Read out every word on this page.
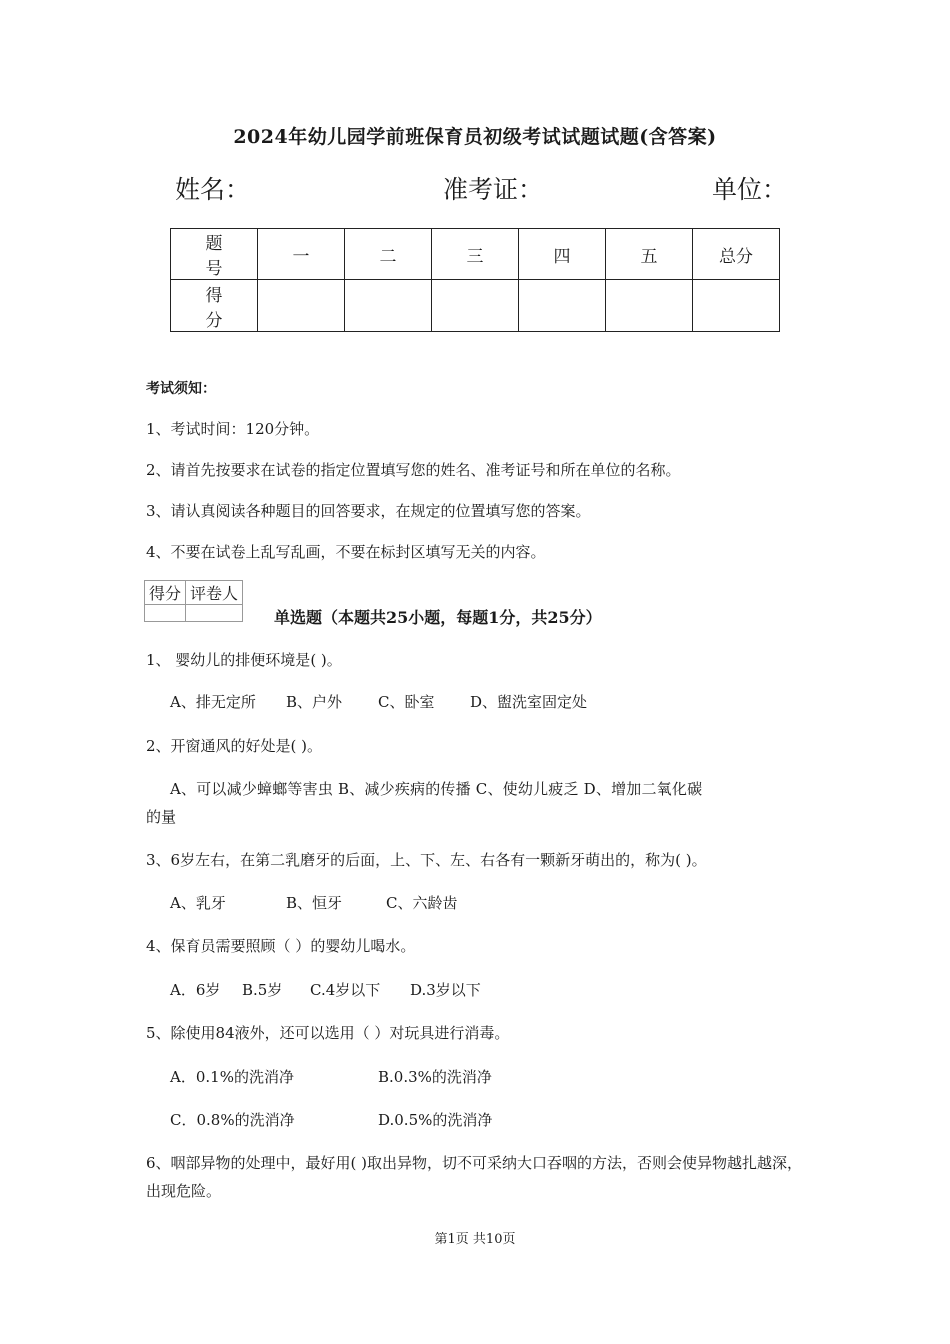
2024年幼儿园学前班保育员初级考试试题试题(含答案)
姓名：	准考证：	单位：
题 号	一	二	三	四	五	总分
得 分						
考试须知：
1、考试时间：120分钟。
2、请首先按要求在试卷的指定位置填写您的姓名、准考证号和所在单位的名称。
3、请认真阅读各种题目的回答要求，在规定的位置填写您的答案。
4、不要在试卷上乱写乱画，不要在标封区填写无关的内容。
得分	评卷人

单选题（本题共25小题，每题1分，共25分）
1、 婴幼儿的排便环境是( )。
A、排无定所 B、户外 C、卧室 D、盥洗室固定处
2、开窗通风的好处是( )。
A、可以减少蟑螂等害虫 B、减少疾病的传播 C、使幼儿疲乏 D、增加二氧化碳
的量
3、6岁左右，在第二乳磨牙的后面，上、下、左、右各有一颗新牙萌出的，称为( )。
A、乳牙	B、恒牙	C、六龄齿
4、保育员需要照顾（ ）的婴幼儿喝水。
A．6岁 B.5岁 C.4岁以下 D.3岁以下
5、除使用84液外，还可以选用（ ）对玩具进行消毒。
A．0.1%的洗消净	B.0.3%的洗消净
C．0.8%的洗消净	D.0.5%的洗消净
6、咽部异物的处理中，最好用( )取出异物，切不可采纳大口吞咽的方法，否则会使异物越扎越深，出现危险。
第1页 共10页
